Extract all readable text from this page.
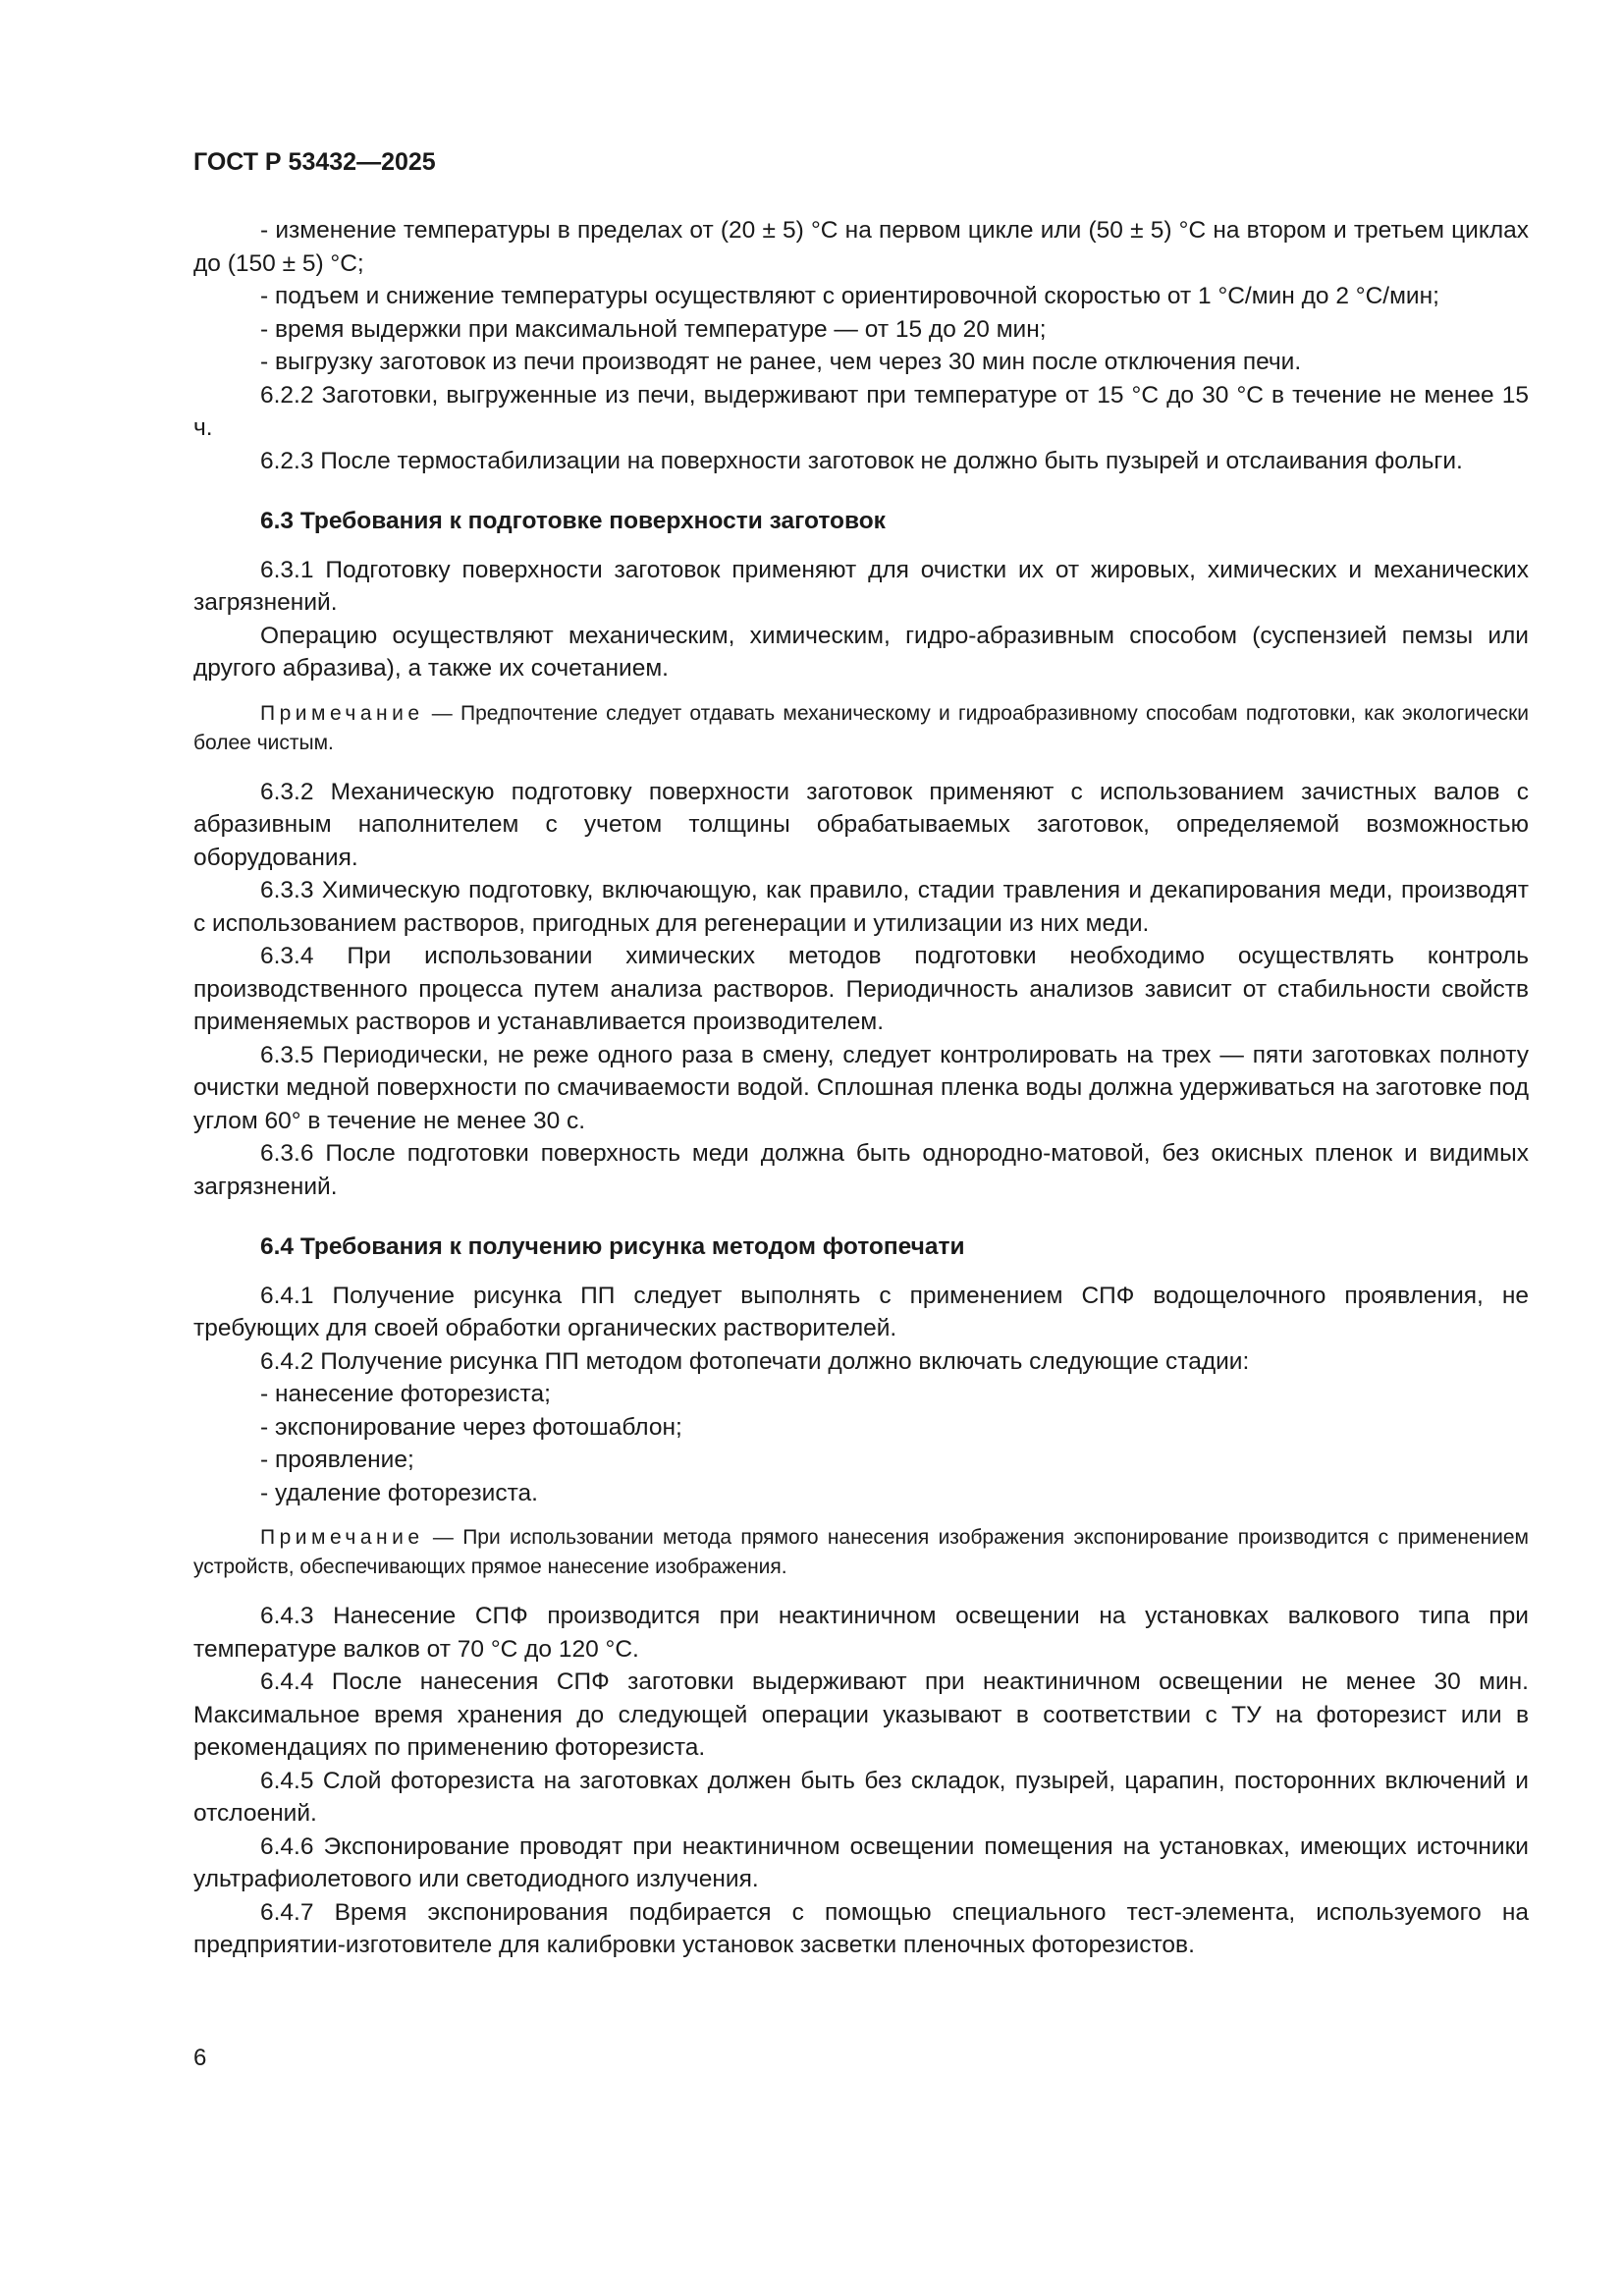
ГОСТ Р 53432—2025

- изменение температуры в пределах от (20 ± 5) °С на первом цикле или (50 ± 5) °С на втором и третьем циклах до (150 ± 5) °С;

- подъем и снижение температуры осуществляют с ориентировочной скоростью от 1 °С/мин до 2 °С/мин;

- время выдержки при максимальной температуре — от 15 до 20 мин;

- выгрузку заготовок из печи производят не ранее, чем через 30 мин после отключения печи.

6.2.2 Заготовки, выгруженные из печи, выдерживают при температуре от 15 °С до 30 °С в течение не менее 15 ч.

6.2.3 После термостабилизации на поверхности заготовок не должно быть пузырей и отслаивания фольги.

6.3 Требования к подготовке поверхности заготовок

6.3.1 Подготовку поверхности заготовок применяют для очистки их от жировых, химических и механических загрязнений.

Операцию осуществляют механическим, химическим, гидро-абразивным способом (суспензией пемзы или другого абразива), а также их сочетанием.

Примечание — Предпочтение следует отдавать механическому и гидроабразивному способам подготовки, как экологически более чистым.

6.3.2 Механическую подготовку поверхности заготовок применяют с использованием зачистных валов с абразивным наполнителем с учетом толщины обрабатываемых заготовок, определяемой возможностью оборудования.

6.3.3 Химическую подготовку, включающую, как правило, стадии травления и декапирования меди, производят с использованием растворов, пригодных для регенерации и утилизации из них меди.

6.3.4 При использовании химических методов подготовки необходимо осуществлять контроль производственного процесса путем анализа растворов. Периодичность анализов зависит от стабильности свойств применяемых растворов и устанавливается производителем.

6.3.5 Периодически, не реже одного раза в смену, следует контролировать на трех — пяти заготовках полноту очистки медной поверхности по смачиваемости водой. Сплошная пленка воды должна удерживаться на заготовке под углом 60° в течение не менее 30 с.

6.3.6 После подготовки поверхность меди должна быть однородно-матовой, без окисных пленок и видимых загрязнений.

6.4 Требования к получению рисунка методом фотопечати

6.4.1 Получение рисунка ПП следует выполнять с применением СПФ водощелочного проявления, не требующих для своей обработки органических растворителей.

6.4.2 Получение рисунка ПП методом фотопечати должно включать следующие стадии:

- нанесение фоторезиста;

- экспонирование через фотошаблон;

- проявление;

- удаление фоторезиста.

Примечание — При использовании метода прямого нанесения изображения экспонирование производится с применением устройств, обеспечивающих прямое нанесение изображения.

6.4.3 Нанесение СПФ производится при неактиничном освещении на установках валкового типа при температуре валков от 70 °С до 120 °С.

6.4.4 После нанесения СПФ заготовки выдерживают при неактиничном освещении не менее 30 мин. Максимальное время хранения до следующей операции указывают в соответствии с ТУ на фоторезист или в рекомендациях по применению фоторезиста.

6.4.5 Слой фоторезиста на заготовках должен быть без складок, пузырей, царапин, посторонних включений и отслоений.

6.4.6 Экспонирование проводят при неактиничном освещении помещения на установках, имеющих источники ультрафиолетового или светодиодного излучения.

6.4.7 Время экспонирования подбирается с помощью специального тест-элемента, используемого на предприятии-изготовителе для калибровки установок засветки пленочных фоторезистов.

6
